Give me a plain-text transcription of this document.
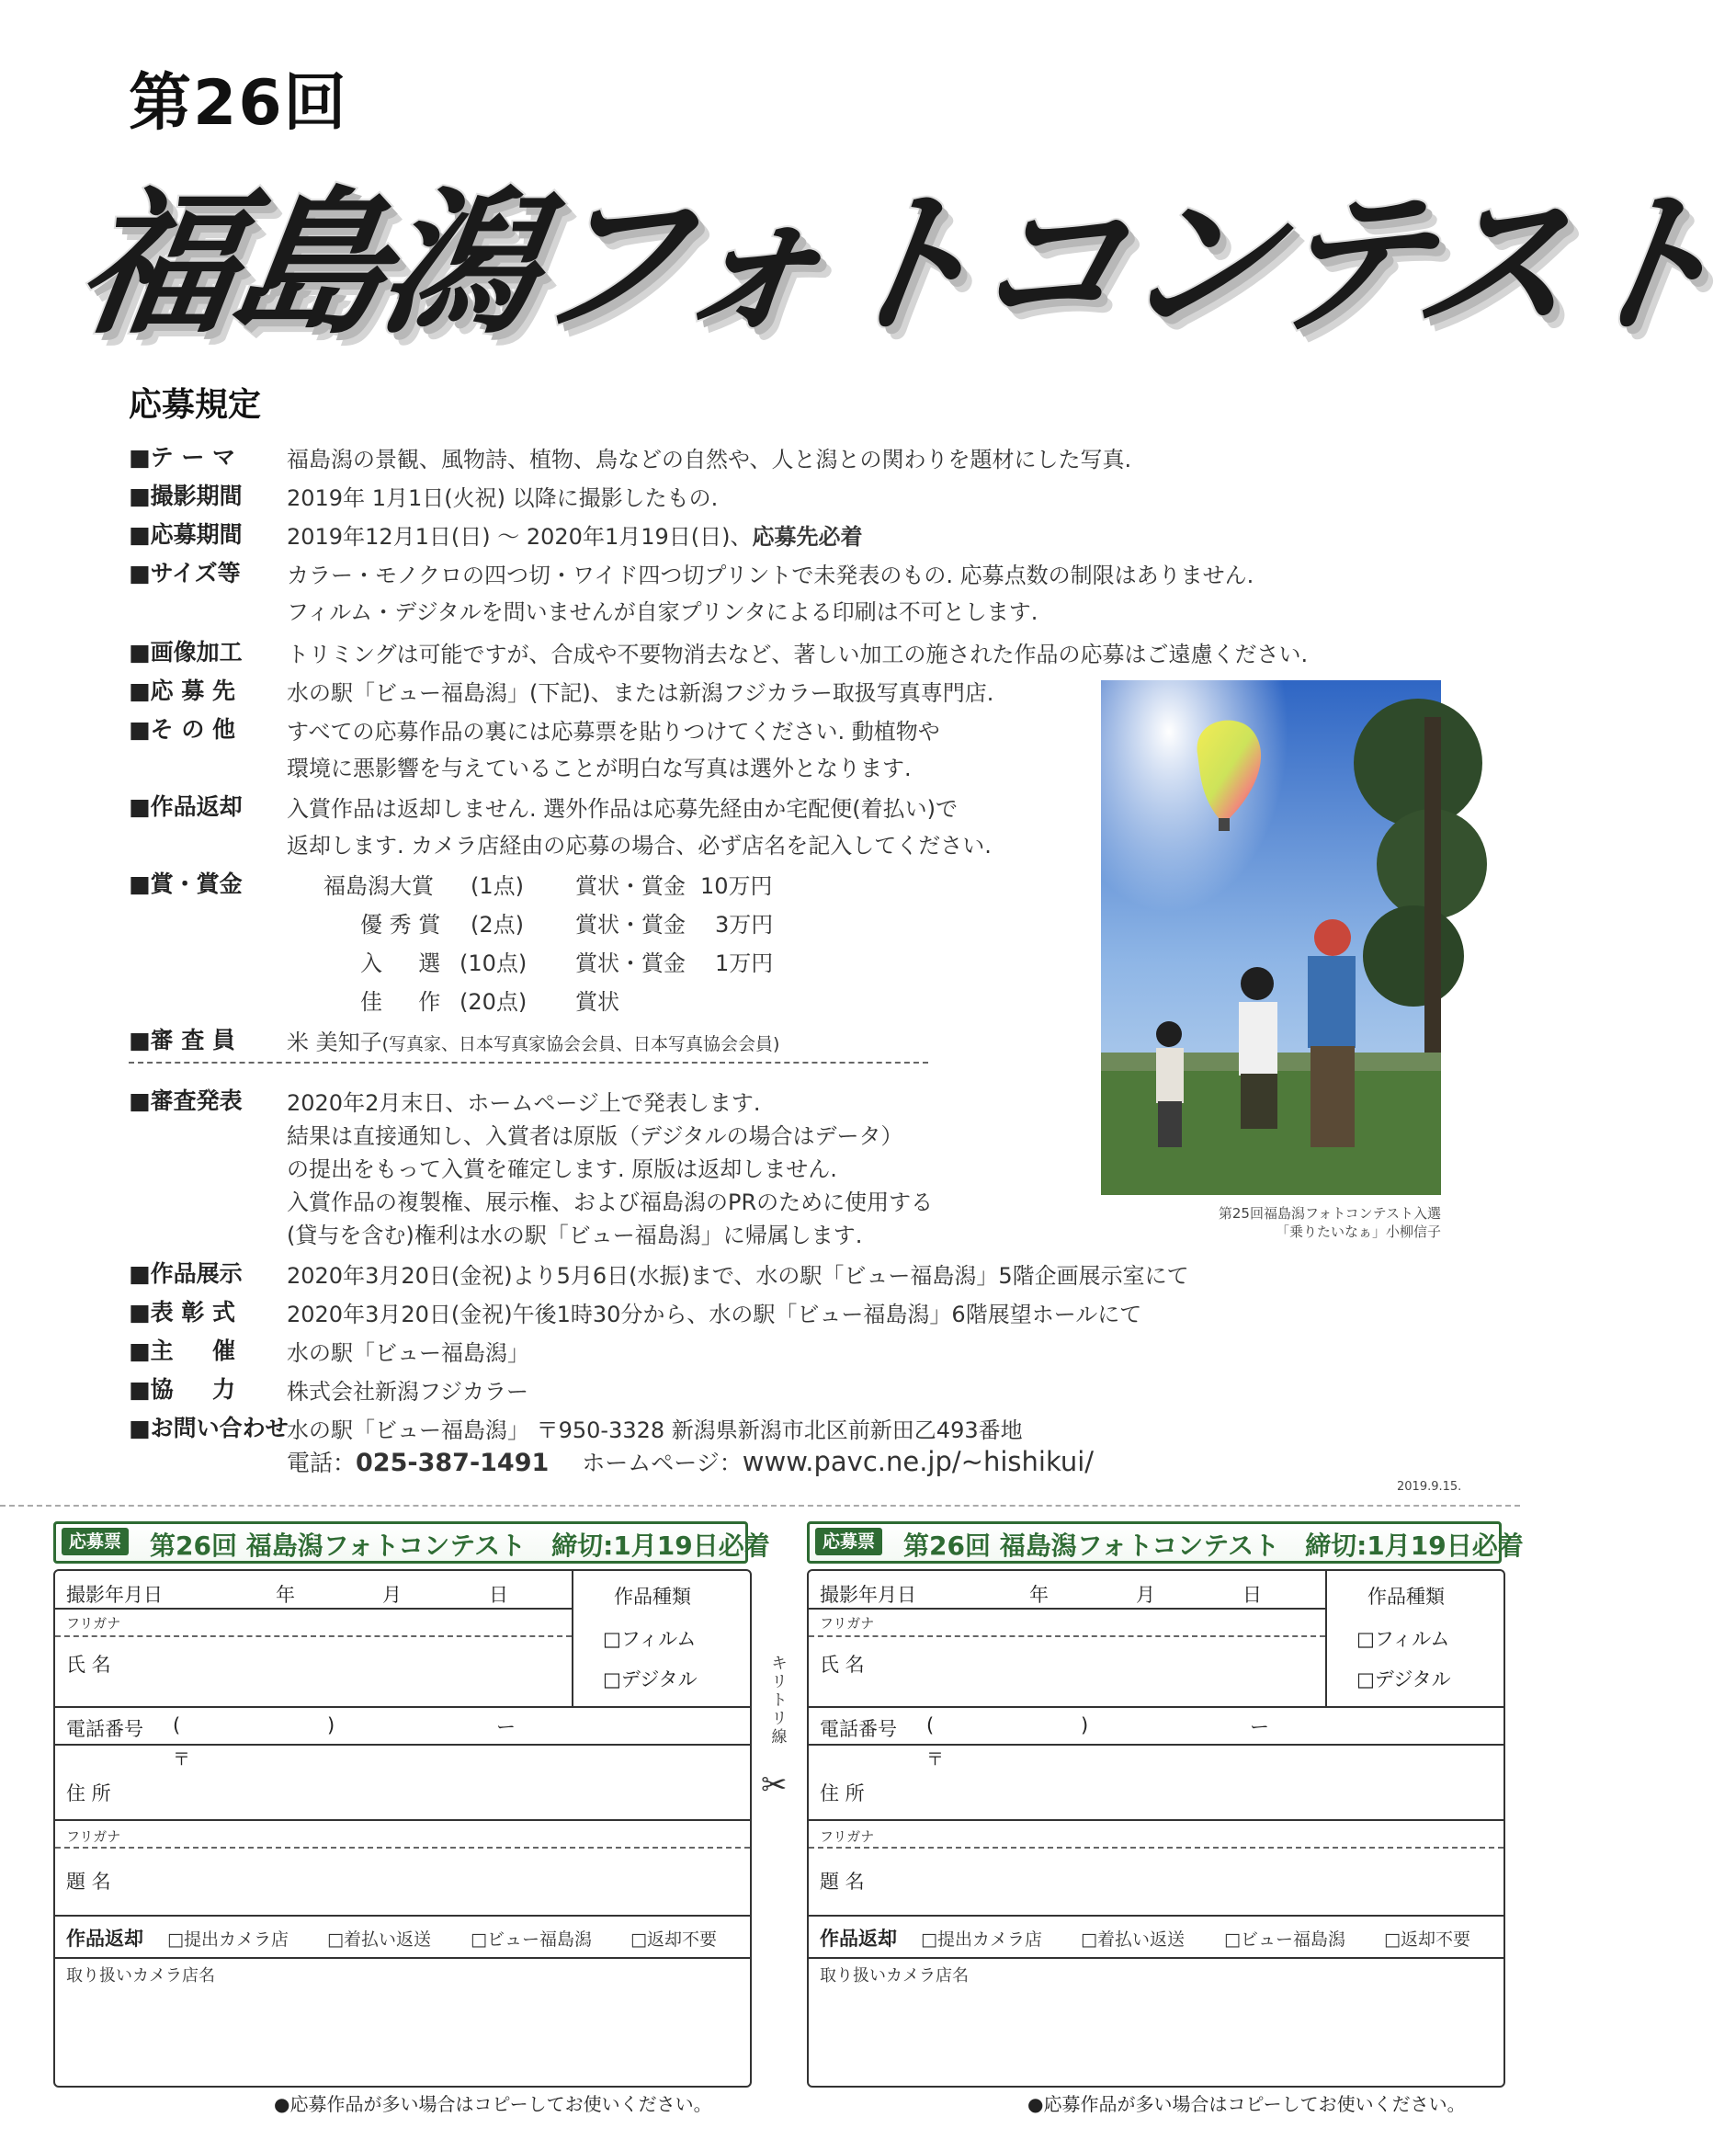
第26回
福島潟フォトコンテスト
応募規定
■テ ー マ 福島潟の景観、風物詩、植物、鳥などの自然や、人と潟との関わりを題材にした写真.
■撮影期間 2019年 1月1日(火祝) 以降に撮影したもの.
■応募期間 2019年12月1日(日) ～ 2020年1月19日(日)、応募先必着
■サイズ等 カラー・モノクロの四つ切・ワイド四つ切プリントで未発表のもの. 応募点数の制限はありません.
フィルム・デジタルを問いませんが自家プリンタによる印刷は不可とします.
■画像加工 トリミングは可能ですが、合成や不要物消去など、著しい加工の施された作品の応募はご遠慮ください.
■応 募 先 水の駅「ビュー福島潟」(下記)、または新潟フジカラー取扱写真専門店.
■そ の 他 すべての応募作品の裏には応募票を貼りつけてください. 動植物や
環境に悪影響を与えていることが明白な写真は選外となります.
■作品返却 入賞作品は返却しません. 選外作品は応募先経由か宅配便(着払い)で
返却します. カメラ店経由の応募の場合、必ず店名を記入してください.
■賞・賞金	福島潟大賞 (1点) 賞状・賞金 10万円
優 秀 賞 (2点) 賞状・賞金 3万円
入 　 選 (10点) 賞状・賞金 1万円
佳 　 作 (20点) 賞状
■審 査 員 米 美知子(写真家、日本写真家協会会員、日本写真協会会員)
■審査発表 2020年2月末日、ホームページ上で発表します.
結果は直接通知し、入賞者は原版（デジタルの場合はデータ）
の提出をもって入賞を確定します. 原版は返却しません.
入賞作品の複製権、展示権、および福島潟のPRのために使用する
(貸与を含む)権利は水の駅「ビュー福島潟」に帰属します.
■作品展示 2020年3月20日(金祝)より5月6日(水振)まで、水の駅「ビュー福島潟」5階企画展示室にて
■表 彰 式 2020年3月20日(金祝)午後1時30分から、水の駅「ビュー福島潟」6階展望ホールにて
■主 　 催 水の駅「ビュー福島潟」
■協 　 力 株式会社新潟フジカラー
■お問い合わせ
水の駅「ビュー福島潟」 〒950-3328 新潟県新潟市北区前新田乙493番地
電話：025-387-1491 ホームページ：www.pavc.ne.jp/~hishikui/
第25回福島潟フォトコンテスト入選
「乗りたいなぁ」小柳信子
2019.9.15.
応募票 第26回 福島潟フォトコンテスト　締切:1月19日必着
撮影年月日	年	月	日	作品種類
□フィルム
□デジタル
フリガナ
氏 名
電話番号 (	)	ー
〒
住 所
フリガナ
題 名
作品返却 □提出カメラ店 □着払い返送 □ビュー福島潟 □返却不要
取り扱いカメラ店名
●応募作品が多い場合はコピーしてお使いください。
キ
リ
ト
リ
線
✂
応募票 第26回 福島潟フォトコンテスト　締切:1月19日必着
撮影年月日	年	月	日	作品種類
□フィルム
□デジタル
フリガナ
氏 名
電話番号 (	)	ー
〒
住 所
フリガナ
題 名
作品返却 □提出カメラ店 □着払い返送 □ビュー福島潟 □返却不要
取り扱いカメラ店名
●応募作品が多い場合はコピーしてお使いください。
